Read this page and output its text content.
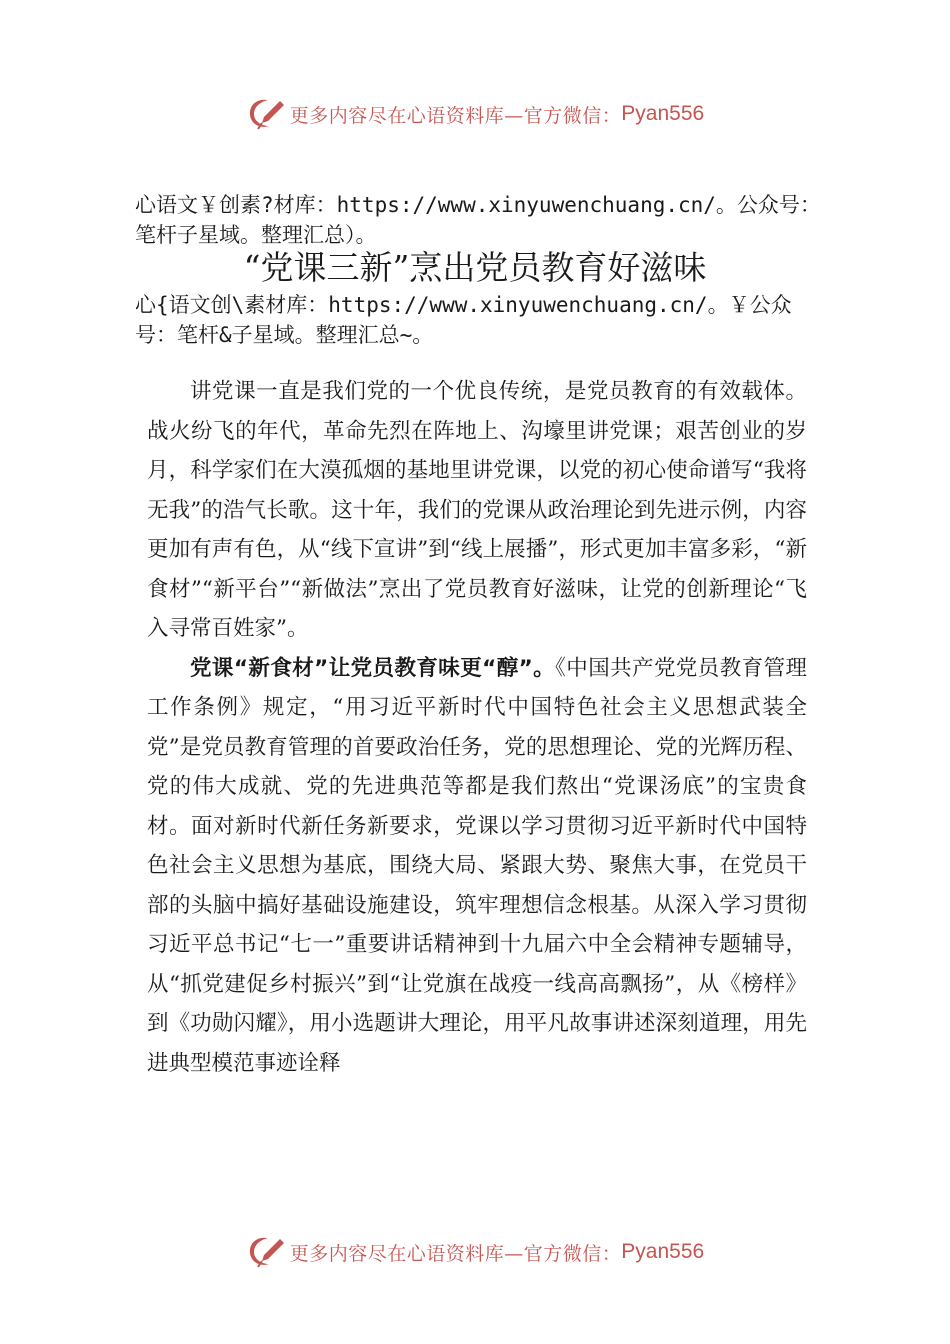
更多内容尽在心语资料库—官方微信： Pyan556
心语文￥创素?材库：https://www.xinyuwenchuang.cn/。公众号：笔杆子星域。整理汇总）。
“党课三新”烹出党员教育好滋味
心{语文创\素材库：https://www.xinyuwenchuang.cn/。￥公众号：笔杆&子星域。整理汇总~。

讲党课一直是我们党的一个优良传统，是党员教育的有效载体。战火纷飞的年代，革命先烈在阵地上、沟壕里讲党课；艰苦创业的岁月，科学家们在大漠孤烟的基地里讲党课，以党的初心使命谱写“我将无我”的浩气长歌。这十年，我们的党课从政治理论到先进示例，内容更加有声有色，从“线下宣讲”到“线上展播”，形式更加丰富多彩，“新食材”“新平台”“新做法”烹出了党员教育好滋味，让党的创新理论“飞入寻常百姓家”。

党课“新食材”让党员教育味更“醇”。《中国共产党党员教育管理工作条例》规定，“用习近平新时代中国特色社会主义思想武装全党”是党员教育管理的首要政治任务，党的思想理论、党的光辉历程、党的伟大成就、党的先进典范等都是我们熬出“党课汤底”的宝贵食材。面对新时代新任务新要求，党课以学习贯彻习近平新时代中国特色社会主义思想为基底，围绕大局、紧跟大势、聚焦大事，在党员干部的头脑中搞好基础设施建设，筑牢理想信念根基。从深入学习贯彻习近平总书记“七一”重要讲话精神到十九届六中全会精神专题辅导，从“抓党建促乡村振兴”到“让党旗在战疫一线高高飘扬”，从《榜样》到《功勋闪耀》，用小选题讲大理论，用平凡故事讲述深刻道理，用先进典型模范事迹诠释

更多内容尽在心语资料库—官方微信： Pyan556
